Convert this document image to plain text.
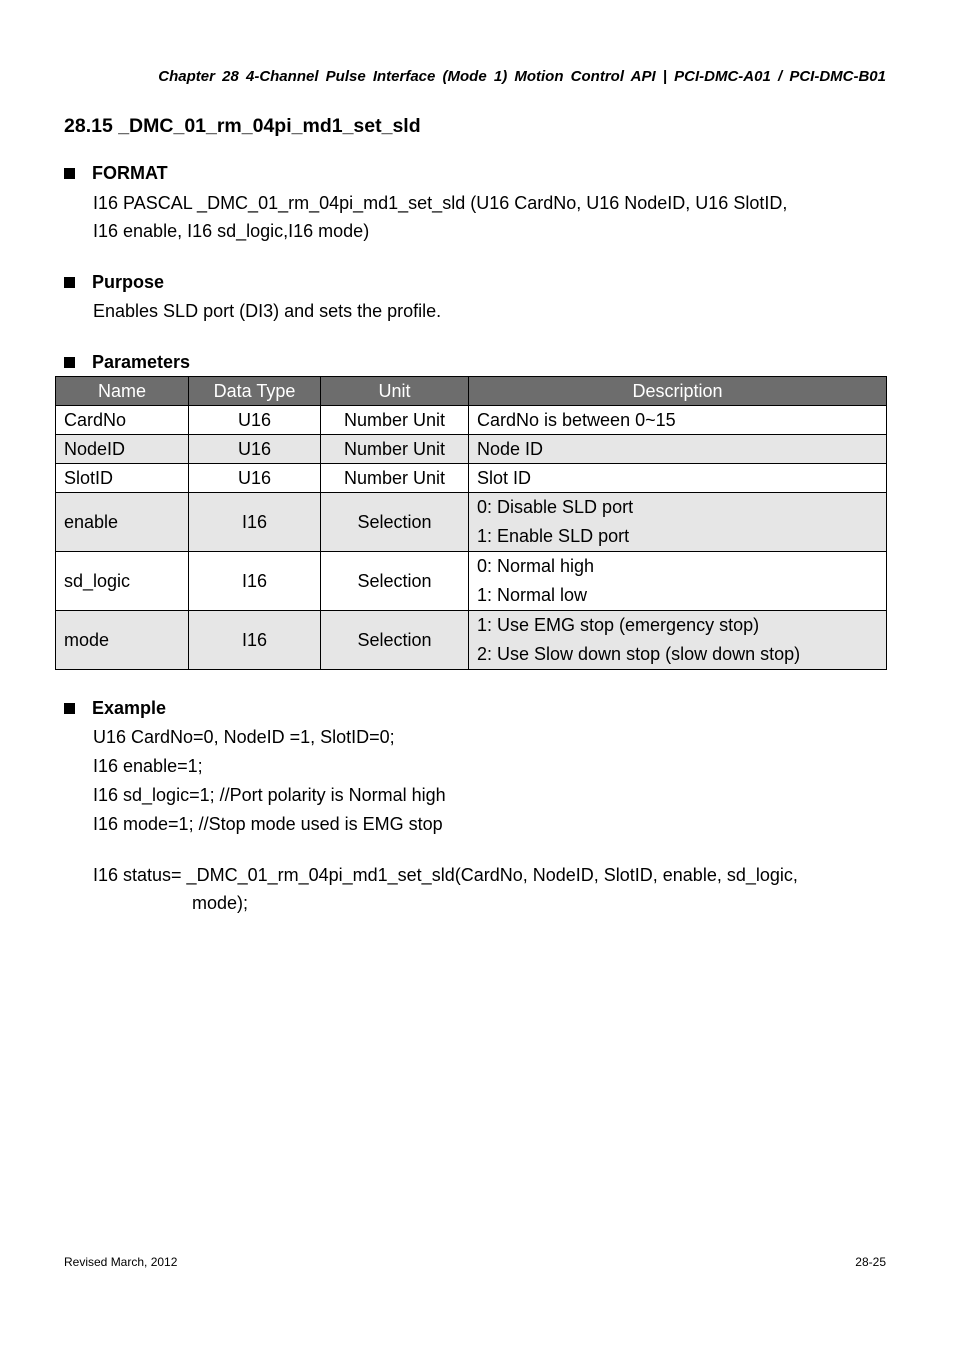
Chapter 28 4-Channel Pulse Interface (Mode 1) Motion Control API | PCI-DMC-A01 / PCI-DMC-B01
28.15 _DMC_01_rm_04pi_md1_set_sld
FORMAT
I16 PASCAL _DMC_01_rm_04pi_md1_set_sld (U16 CardNo, U16 NodeID, U16 SlotID,
I16 enable, I16 sd_logic,I16 mode)
Purpose
Enables SLD port (DI3) and sets the profile.
Parameters
Name	Data Type	Unit	Description
CardNo	U16	Number Unit	CardNo is between 0~15
NodeID	U16	Number Unit	Node ID
SlotID	U16	Number Unit	Slot ID
enable	I16	Selection	0: Disable SLD port
1: Enable SLD port

sd_logic	I16	Selection	0: Normal high
1: Normal low

mode	I16	Selection	1: Use EMG stop (emergency stop)
2: Use Slow down stop (slow down stop)
Example
U16 CardNo=0, NodeID =1, SlotID=0;
I16 enable=1;
I16 sd_logic=1; //Port polarity is Normal high
I16 mode=1; //Stop mode used is EMG stop
I16 status= _DMC_01_rm_04pi_md1_set_sld(CardNo, NodeID, SlotID, enable, sd_logic,
mode);
Revised March, 2012	28-25
